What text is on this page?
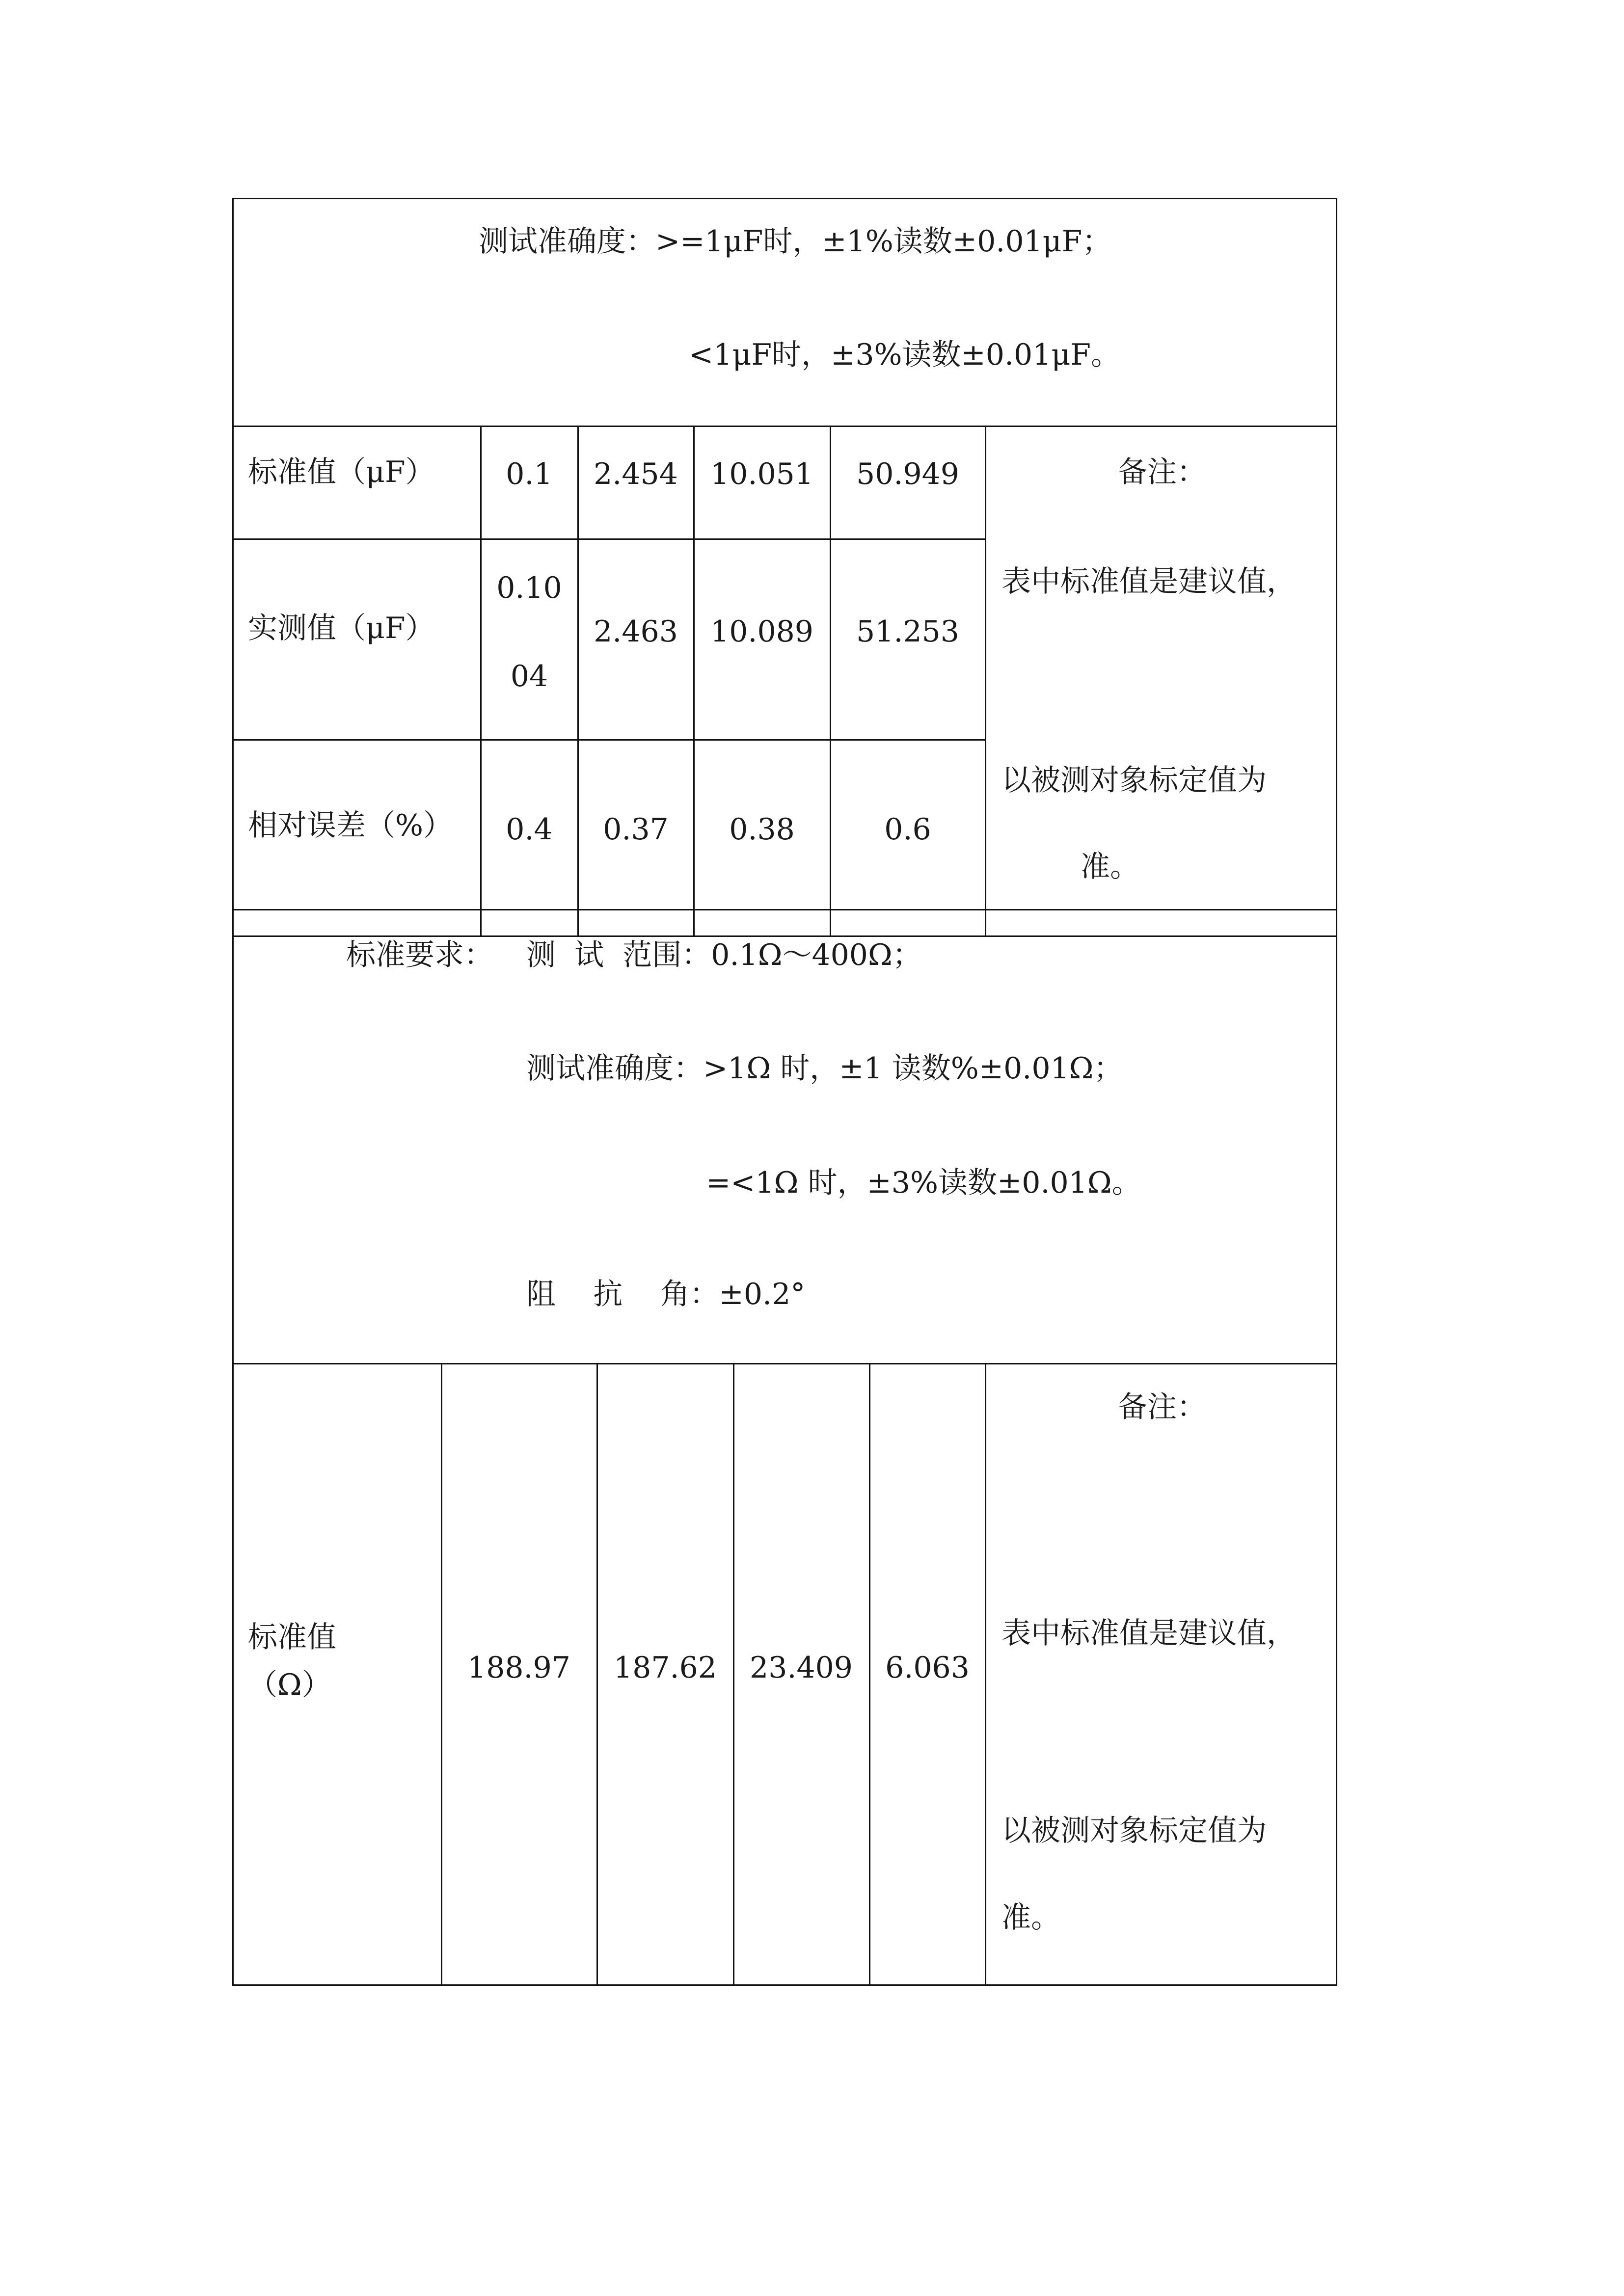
测试准确度：>=1μF时，±1%读数±0.01μF；
<1μF时，±3%读数±0.01μF。
标准值（μF） 0.1 2.454 10.051 50.949
实测值（μF）
0.10
04
2.463 10.089 51.253
相对误差（%） 0.4 0.37 0.38	0.6
备注：
表中标准值是建议值，
以被测对象标定值为
准。
标准要求： 测  试  范围：0.1Ω～400Ω；
测试准确度：>1Ω 时，±1 读数%±0.01Ω；
=<1Ω 时，±3%读数±0.01Ω。
阻    抗    角：±0.2°
标准值
（Ω）	188.97 187.62 23.409 6.063
备注：
表中标准值是建议值，
以被测对象标定值为
准。
